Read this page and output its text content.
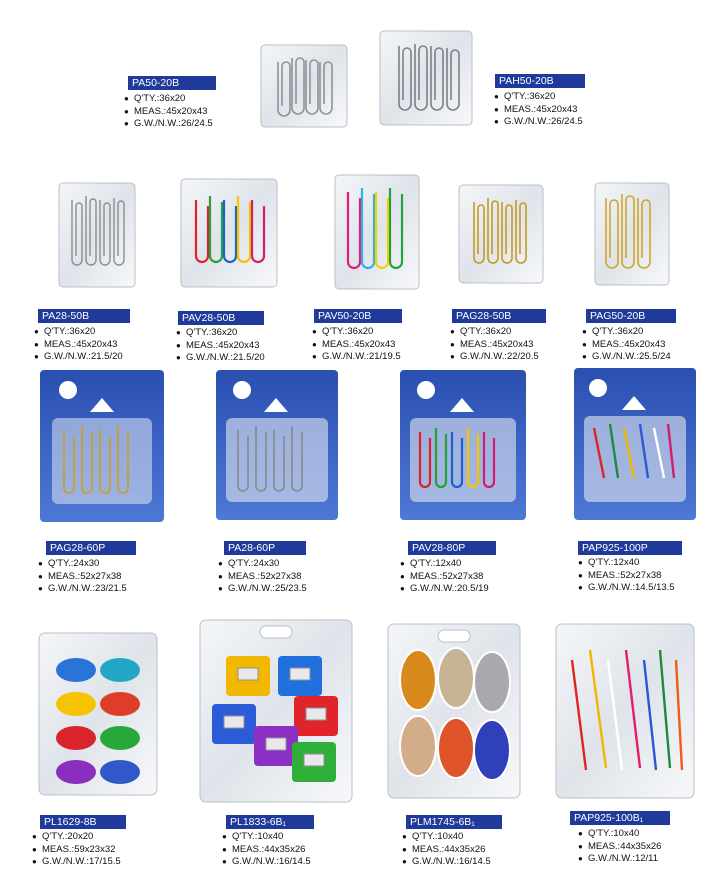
PA50-20B
● Q'TY.:36x20
● MEAS.:45x20x43
● G.W./N.W.:26/24.5
PAH50-20B
● Q'TY.:36x20
● MEAS.:45x20x43
● G.W./N.W.:26/24.5
PA28-50B
● Q'TY.:36x20
● MEAS.:45x20x43
● G.W./N.W.:21.5/20
PAV28-50B
● Q'TY.:36x20
● MEAS.:45x20x43
● G.W./N.W.:21.5/20
PAV50-20B
● Q'TY.:36x20
● MEAS.:45x20x43
● G.W./N.W.:21/19.5
PAG28-50B
● Q'TY.:36x20
● MEAS.:45x20x43
● G.W./N.W.:22/20.5
PAG50-20B
● Q'TY.:36x20
● MEAS.:45x20x43
● G.W./N.W.:25.5/24
PAG28-60P
● Q'TY.:24x30
● MEAS.:52x27x38
● G.W./N.W.:23/21.5
PA28-60P
● Q'TY.:24x30
● MEAS.:52x27x38
● G.W./N.W.:25/23.5
PAV28-80P
● Q'TY.:12x40
● MEAS.:52x27x38
● G.W./N.W.:20.5/19
PAP925-100P
● Q'TY.:12x40
● MEAS.:52x27x38
● G.W./N.W.:14.5/13.5
PL1629-8B
● Q'TY.:20x20
● MEAS.:59x23x32
● G.W./N.W.:17/15.5
PL1833-6B₁
● Q'TY.:10x40
● MEAS.:44x35x26
● G.W./N.W.:16/14.5
PLM1745-6B₁
● Q'TY.:10x40
● MEAS.:44x35x26
● G.W./N.W.:16/14.5
PAP925-100B₁
● Q'TY.:10x40
● MEAS.:44x35x26
● G.W./N.W.:12/11
